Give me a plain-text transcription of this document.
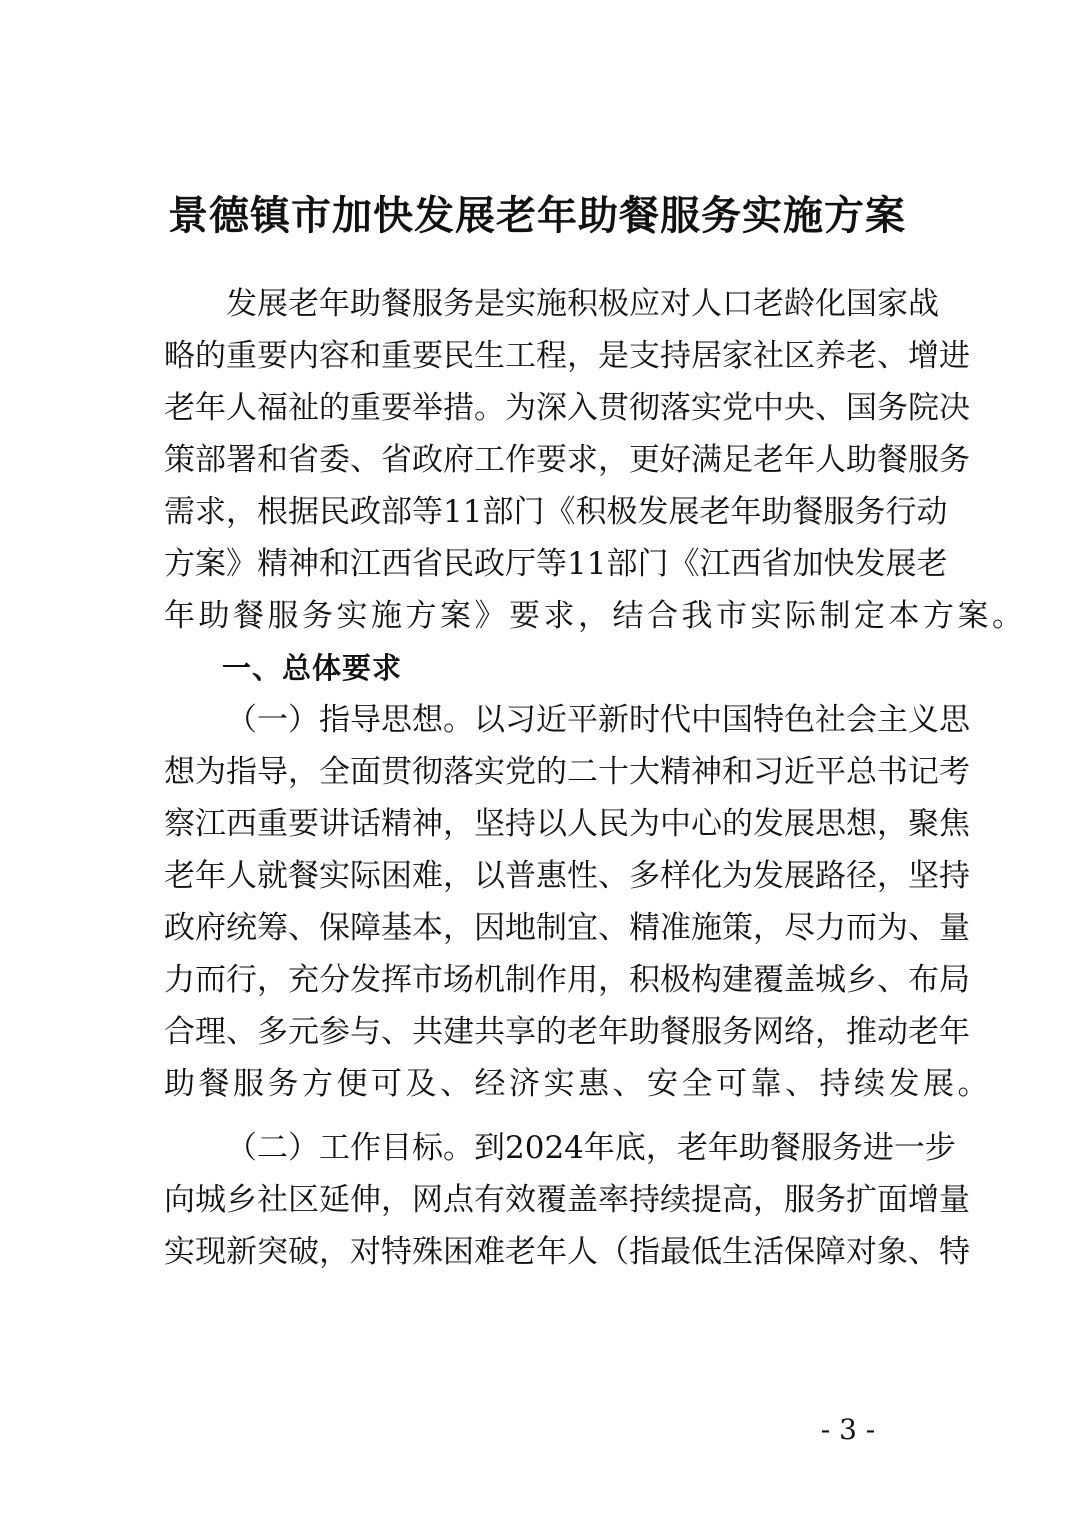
景德镇市加快发展老年助餐服务实施方案
发 展 老 年 助 餐 服 务 是 实 施 积 极 应 对 人 口 老 龄 化 国 家 战
略 的 重 要 内 容 和 重 要 民 生 工 程 ， 是 支 持 居 家 社 区 养 老 、 增 进
老 年 人 福 祉 的 重 要 举 措 。 为 深 入 贯 彻 落 实 党 中 央 、 国 务 院 决
策 部 署 和 省 委 、 省 政 府 工 作 要 求 ， 更 好 满 足 老 年 人 助 餐 服 务
需 求 ， 根 据 民 政 部 等 11 部 门 《 积 极 发 展 老 年 助 餐 服 务 行 动
方 案 》 精 神 和 江 西 省 民 政 厅 等 11 部 门 《 江 西 省 加 快 发 展 老
年助餐服务实施方案》要求，结合我市实际制定本方案。
一、总体要求
（ 一 ） 指 导 思 想 。 以 习 近 平 新 时 代 中 国 特 色 社 会 主 义 思
想 为 指 导 ， 全 面 贯 彻 落 实 党 的 二 十 大 精 神 和 习 近 平 总 书 记 考
察 江 西 重 要 讲 话 精 神 ， 坚 持 以 人 民 为 中 心 的 发 展 思 想 ， 聚 焦
老 年 人 就 餐 实 际 困 难 ， 以 普 惠 性 、 多 样 化 为 发 展 路 径 ， 坚 持
政 府 统 筹 、 保 障 基 本 ， 因 地 制 宜 、 精 准 施 策 ， 尽 力 而 为 、 量
力 而 行 ， 充 分 发 挥 市 场 机 制 作 用 ， 积 极 构 建 覆 盖 城 乡 、 布 局
合 理 、 多 元 参 与 、 共 建 共 享 的 老 年 助 餐 服 务 网 络 ， 推 动 老 年
助餐服务方便可及、经济实惠、安全可靠、持续发展。
（ 二 ） 工 作 目 标 。 到 2024 年 底 ， 老 年 助 餐 服 务 进 一 步
向 城 乡 社 区 延 伸 ， 网 点 有 效 覆 盖 率 持 续 提 高 ， 服 务 扩 面 增 量
实 现 新 突 破 ， 对 特 殊 困 难 老 年 人 （ 指 最 低 生 活 保 障 对 象 、 特
- 3 -
